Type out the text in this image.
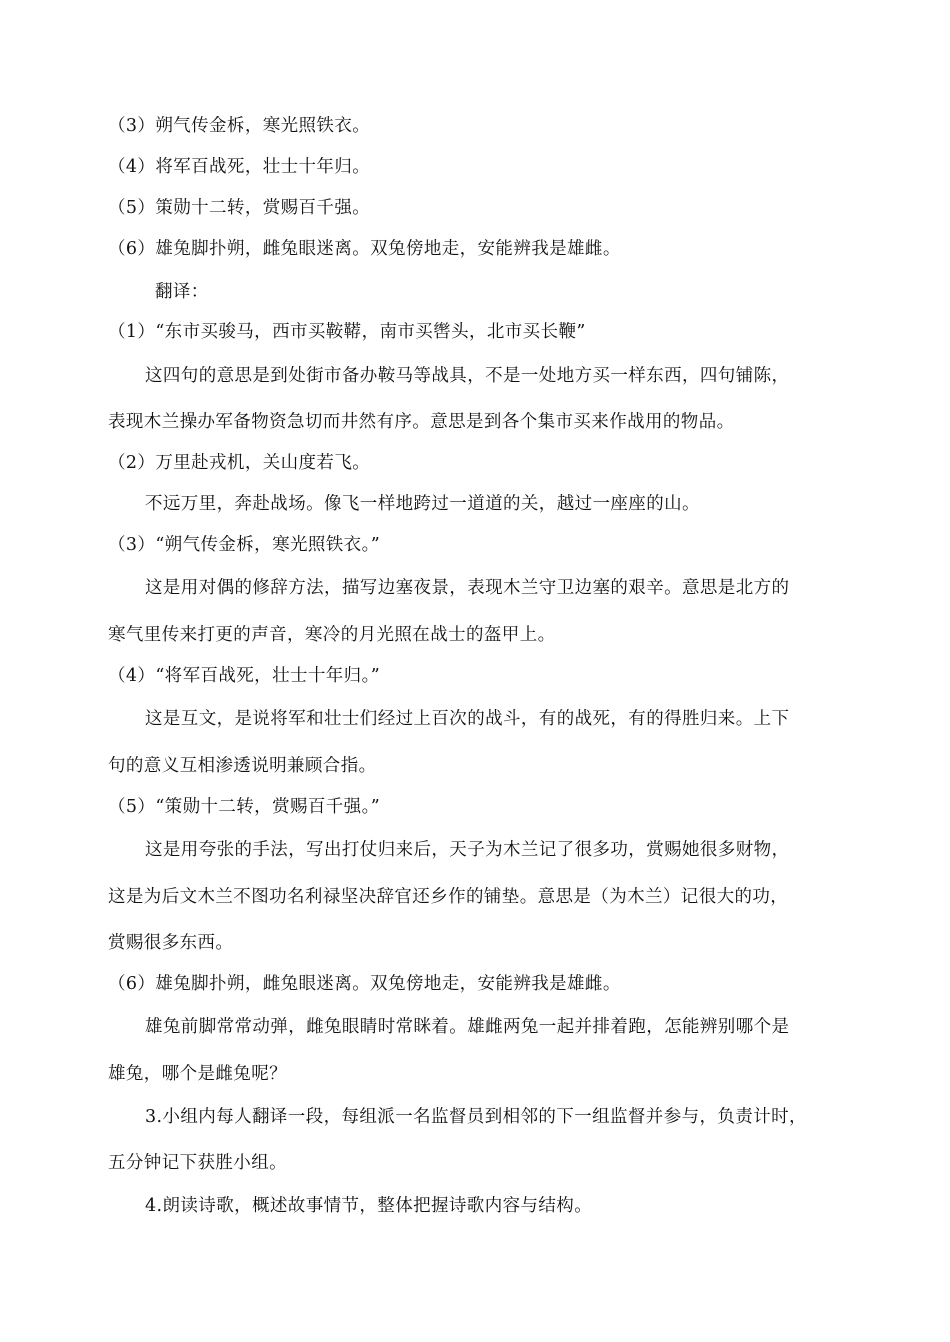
（3）朔气传金柝，寒光照铁衣。
（4）将军百战死，壮士十年归。
（5）策勋十二转，赏赐百千强。
（6）雄兔脚扑朔，雌兔眼迷离。双兔傍地走，安能辨我是雄雌。
翻译：
（1）“东市买骏马，西市买鞍鞯，南市买辔头，北市买长鞭”
这四句的意思是到处街市备办鞍马等战具，不是一处地方买一样东西，四句铺陈，
表现木兰操办军备物资急切而井然有序。意思是到各个集市买来作战用的物品。
（2）万里赴戎机，关山度若飞。
不远万里，奔赴战场。像飞一样地跨过一道道的关，越过一座座的山。
（3）“朔气传金柝，寒光照铁衣。”
这是用对偶的修辞方法，描写边塞夜景，表现木兰守卫边塞的艰辛。意思是北方的
寒气里传来打更的声音，寒冷的月光照在战士的盔甲上。
（4）“将军百战死，壮士十年归。”
这是互文，是说将军和壮士们经过上百次的战斗，有的战死，有的得胜归来。上下
句的意义互相渗透说明兼顾合指。
（5）“策勋十二转，赏赐百千强。”
这是用夸张的手法，写出打仗归来后，天子为木兰记了很多功，赏赐她很多财物，
这是为后文木兰不图功名利禄坚决辞官还乡作的铺垫。意思是（为木兰）记很大的功，
赏赐很多东西。
（6）雄兔脚扑朔，雌兔眼迷离。双兔傍地走，安能辨我是雄雌。
雄兔前脚常常动弹，雌兔眼睛时常眯着。雄雌两兔一起并排着跑，怎能辨别哪个是
雄兔，哪个是雌兔呢？
3.小组内每人翻译一段，每组派一名监督员到相邻的下一组监督并参与，负责计时，
五分钟记下获胜小组。
4.朗读诗歌，概述故事情节，整体把握诗歌内容与结构。
